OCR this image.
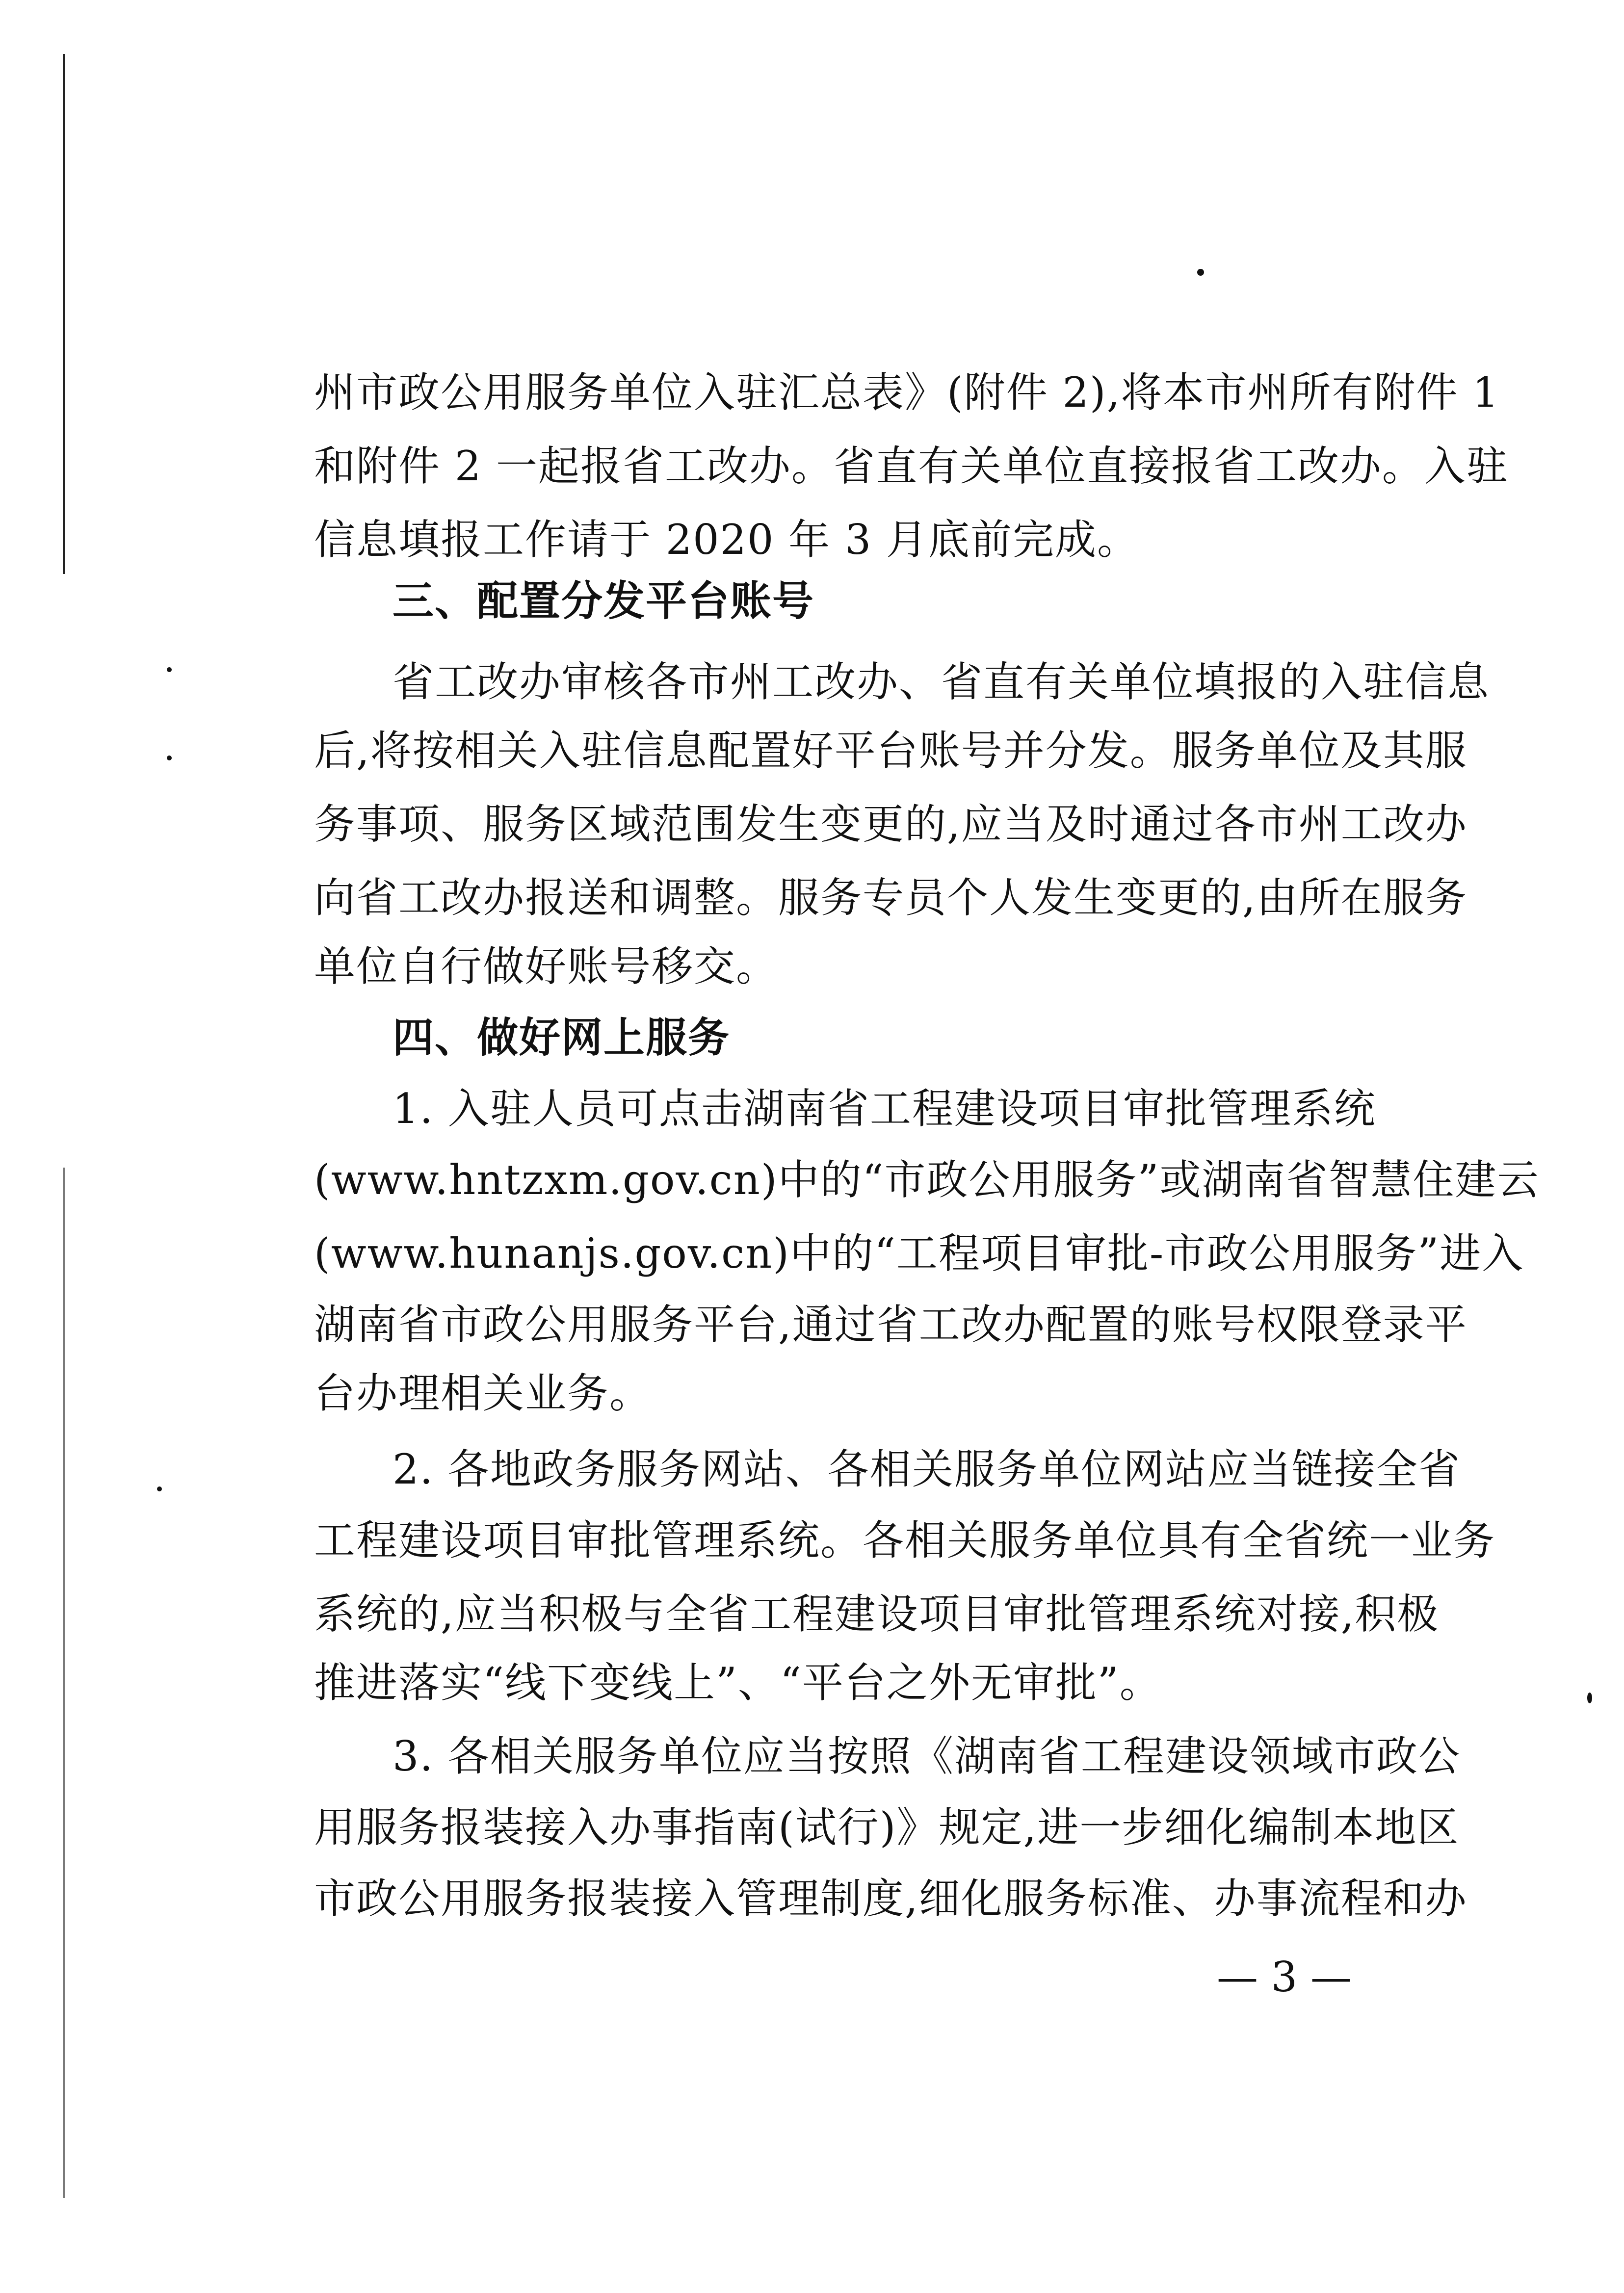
州市政公用服务单位入驻汇总表》(附件 2),将本市州所有附件 1
和附件 2 一起报省工改办。省直有关单位直接报省工改办。入驻
信息填报工作请于 2020 年 3 月底前完成。
三、配置分发平台账号
省工改办审核各市州工改办、省直有关单位填报的入驻信息
后,将按相关入驻信息配置好平台账号并分发。服务单位及其服
务事项、服务区域范围发生变更的,应当及时通过各市州工改办
向省工改办报送和调整。服务专员个人发生变更的,由所在服务
单位自行做好账号移交。
四、做好网上服务
1. 入驻人员可点击湖南省工程建设项目审批管理系统
(www.hntzxm.gov.cn)中的“市政公用服务”或湖南省智慧住建云
(www.hunanjs.gov.cn)中的“工程项目审批-市政公用服务”进入
湖南省市政公用服务平台,通过省工改办配置的账号权限登录平
台办理相关业务。
2. 各地政务服务网站、各相关服务单位网站应当链接全省
工程建设项目审批管理系统。各相关服务单位具有全省统一业务
系统的,应当积极与全省工程建设项目审批管理系统对接,积极
推进落实“线下变线上”、“平台之外无审批”。
3. 各相关服务单位应当按照《湖南省工程建设领域市政公
用服务报装接入办事指南(试行)》规定,进一步细化编制本地区
市政公用服务报装接入管理制度,细化服务标准、办事流程和办
— 3 —
